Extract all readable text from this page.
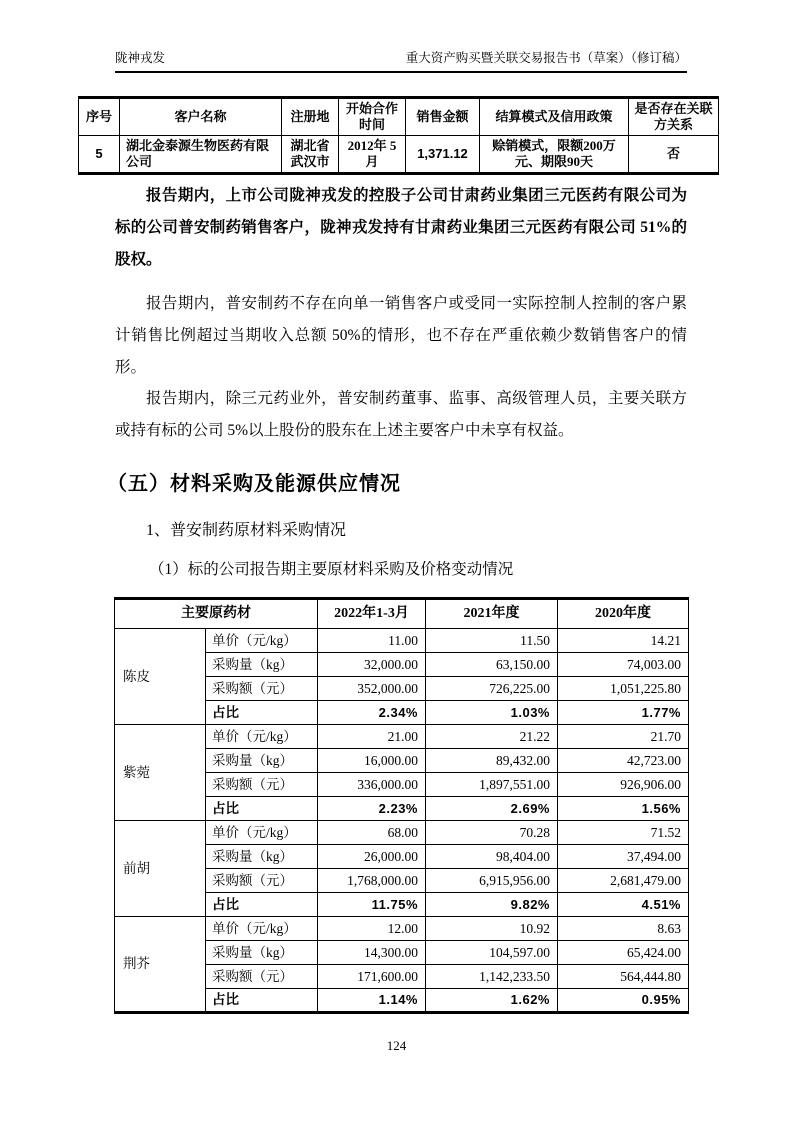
陇神戎发	重大资产购买暨关联交易报告书（草案）（修订稿）
序号	客户名称	注册地	开始合作时间	销售金额	结算模式及信用政策	是否存在关联方关系
5	湖北金泰源生物医药有限公司	湖北省武汉市	2012年 5月	1,371.12	赊销模式，限额200万元、期限90天	否

报告期内，上市公司陇神戎发的控股子公司甘肃药业集团三元医药有限公司为标的公司普安制药销售客户，陇神戎发持有甘肃药业集团三元医药有限公司 51%的股权。

报告期内，普安制药不存在向单一销售客户或受同一实际控制人控制的客户累计销售比例超过当期收入总额 50%的情形，也不存在严重依赖少数销售客户的情形。

报告期内，除三元药业外，普安制药董事、监事、高级管理人员，主要关联方或持有标的公司 5%以上股份的股东在上述主要客户中未享有权益。

（五）材料采购及能源供应情况
1、普安制药原材料采购情况
（1）标的公司报告期主要原材料采购及价格变动情况
主要原药材		2022年1-3月	2021年度	2020年度
陈皮	单价（元/kg）	11.00	11.50	14.21
	采购量（kg）	32,000.00	63,150.00	74,003.00
	采购额（元）	352,000.00	726,225.00	1,051,225.80
	占比	2.34%	1.03%	1.77%
紫菀	单价（元/kg）	21.00	21.22	21.70
	采购量（kg）	16,000.00	89,432.00	42,723.00
	采购额（元）	336,000.00	1,897,551.00	926,906.00
	占比	2.23%	2.69%	1.56%
前胡	单价（元/kg）	68.00	70.28	71.52
	采购量（kg）	26,000.00	98,404.00	37,494.00
	采购额（元）	1,768,000.00	6,915,956.00	2,681,479.00
	占比	11.75%	9.82%	4.51%
荆芥	单价（元/kg）	12.00	10.92	8.63
	采购量（kg）	14,300.00	104,597.00	65,424.00
	采购额（元）	171,600.00	1,142,233.50	564,444.80
	占比	1.14%	1.62%	0.95%
124
